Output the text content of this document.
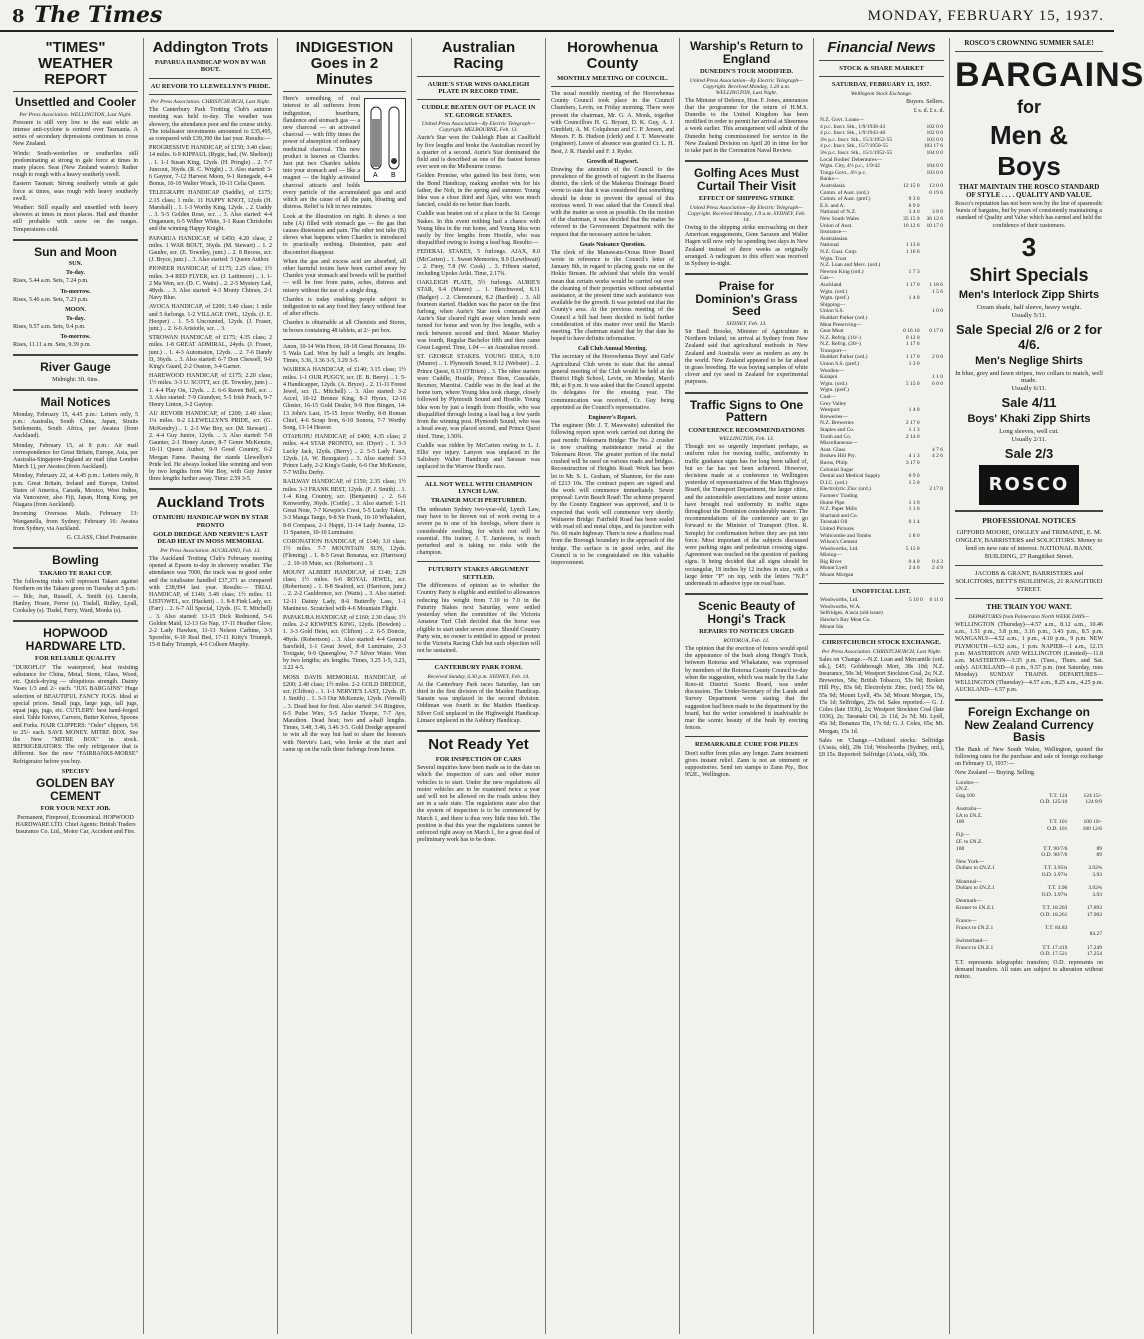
8 The Times	MONDAY, FEBRUARY 15, 1937.
"TIMES" WEATHER REPORT
Unsettled and Cooler
Per Press Association. WELLINGTON, Last Night.
Pressure is still very low to the east while an intense anti-cyclone is centred over Tasmania. A series of secondary depressions continues to cross New Zealand.
Winds: South-westerlies or southerlies still predominating at strong to gale force at times in many places. Seas (New Zealand waters): Rather rough to rough with a heavy southerly swell.
Eastern Tasman: Strong southerly winds at gale force at times, seas rough with heavy southerly swell.
Weather: Still equally and unsettled with heavy showers at times in most places. Hail and thunder still probable with snow on the ranges. Temperatures cold.
Sun and Moon
SUN.
To-day.
Rises, 5.44 a.m. Sets, 7.24 p.m.
To-morrow.
Rises, 5.46 a.m. Sets, 7.23 p.m.
MOON.
To-day.
Rises, 9.57 a.m. Sets, 9.4 p.m.
To-morrow.
Rises, 11.11 a.m. Sets, 9.39 p.m.
River Gauge
Midnight: 3ft. 6ins.
Mail Notices
Monday, February 15, 4.45 p.m.: Letters only, 5 p.m.: Australia, South China, Japan, Straits Settlements, South Africa, per Awatea (from Auckland).
Monday, February 15, at 8 p.m.: Air mail correspondence for Great Britain, Europe, Asia, per Australia-Singapore-England air mail (due London March 1), per Awatea (from Auckland).
Monday, February 22, at 4.45 p.m.: Letters only, 8 p.m. Great Britain, Ireland and Europe, United States of America, Canada, Mexico, West Indies, via Vancouver, also Fiji, Japan, Hong Kong, per Niagara (from Auckland).
Incoming Overseas Mails. February 13: Wanganella, from Sydney; February 16: Awatea from Sydney, via Auckland.
G. CLASS, Chief Postmaster.
Bowling
TAKARO TE RAKI CUP.
The following rinks will represent Takaro against Northern on the Takaro green on Tuesday at 5 p.m.: — Ihle, Just, Russell, A. Smith (s). Lincoln, Hanley, Hoare, Ferrer (s). Tisdall, Ridley, Lyall, Cooksley (s). Tisdel, Ferry, Ward, Monks (s).
HOPWOOD HARDWARE LTD.
FOR RELIABLE QUALITY
"DUROFLO" The waterproof, heat resisting substance for China, Metal, Stone, Glass, Wood, etc. Quick-drying — ubiquitous strength. Dainty Vases 1/3 and 2/- each. "JUG BARGAINS" Huge selection of BEAUTIFUL FANCY JUGS. Ideal at special prices. Small jugs, large jugs, tall jugs, squat jugs, jugs, etc. CUTLERY: best hand-forged steel. Table Knives, Carvers, Butter Knives, Spoons and Forks. HAIR CLIPPERS: "Osler" clippers, 5/6 to 25/- each. SAVE MONEY. MITRE BOX. See the New "MITRE BOX" in stock. REFRIGERATORS: The only refrigerator that is different. See the new "FAIRBANKS-MORSE" Refrigerator before you buy.
SPECIFY
GOLDEN BAY CEMENT
FOR YOUR NEXT JOB.
Permanent, Fireproof, Economical. HOPWOOD HARDWARE LTD. Chief Agents: British Traders Insurance Co. Ltd., Motor Car, Accident and Fire.
Addington Trots
PAPARUA HANDICAP WON BY WAR BOUT.
AU REVOIR TO LLEWELLYN'S PRIDE.
Per Press Association. CHRISTCHURCH, Last Night.
The Canterbury Park Trotting Club's autumn meeting was held to-day. The weather was showery, the attendance poor and the course sticky. The totalisator investments amounted to £35,495, as compared with £39,390 the last year. Results:—
PROGRESSIVE HANDICAP, of £150; 3.40 class; 14 miles. 6-9 KIPPAUL (Rygie, bad, (W. Shelton)) .. 1. 1-1 Susan King, 12yds. (H. Pringle) .. 2. 7-7 Juncout, 36yds. (R. C. Wright) .. 3. Also started: 3-6 Gaynor, 7-12 Harvest Moon, 9-1 Renegade, 4-4 Bonus, 10-10 Walter Wrack, 10-11 Celia Queen.
TELEGRAPH HANDICAP (Saddle), of £175; 2.15 class; 1 mile. 11 HAPPY KNOT, 12yds (H. Marshall) .. 1. 1-3 Worthy King, 12yds. .. 2. Uaddy .. 3. 5-5 Golden Rose, scr. .. 3. Also started: 4-4 Onganuen, 6-5 Wilber White, 3-1 Ruan Chrisholm and the winning Happy Knight.
PAPARUA HANDICAP, of £450; 4.20 class; 2 miles. 1 WAR BOUT, 36yds. (M. Stewart) .. 1. 2 Gaudre, scr. (E. Townley, junr.) .. 2. 8 Recess, scr. (J. Bryce, junr.) .. 3. Also started: 3 Queen Author.
PIONEER HANDICAP, of £175; 2.25 class; 1½ miles. 3-4 RED FLYER, scr. (J. Lattimore) .. 1. 1-2 Ma Wen, scr. (D. C. Watts) .. 2. 2-5 Mystery Lad, 48yds. .. 3. Also started: 4-3 Monty Chimes, 2-1 Navy Blue.
AVOCA HANDICAP, of £200; 3.40 class; 1 mile and 5 furlongs. 1-2 VILLAGE OWL, 12yds. (J. E. Hooper) .. 1. 5-5 Uncounted, 12yds. (J. Fraser, junr.) .. 2. 6-6 Aristotle, scr. .. 3.
STROWAN HANDICAP, of £175; 4.35 class; 2 miles. 1-8 GREAT ADMIRAL, 24yds. (J. Fraser, junr.) .. 1. 4-3 Automaton, 12yds. .. 2. 7-6 Dandy D, 36yds. .. 3. Also started: 6-7 Don Chessell, 9-0 King's Guard, 2-2 Ouston, 3-4 Garner.
HAREWOOD HANDICAP, of £175; 2.20 class; 1½ miles. 3-3 U. SCOTT, scr. (E. Townley, junr.) .. 1. 4-4 Play On, 12yds. .. 2. 6-6 Raven Bell, scr. .. 3. Also started: 7-9 Grandyer, 5-5 Irish Peach, 9-7 Henry Linton, 3-2 Gaytop.
AU REVOIR HANDICAP, of £200; 2.40 class; 1¼ miles. 8-2 LLEWELLYN'S PRIDE, scr. (G. McKendry) .. 1. 2-3 War Boy, scr. (M. Stewart) .. 2. 4-4 Guy Junior, 12yds. .. 3. Also started: 7-8 Gaunter, 2-1 Honey Azure, 8-7 Genre McKenzie, 10-11 Queen Author, 9-9 Good Country, 6-2 Morgan Fame. Passing the stands Llewellyn's Pride led. He always looked like winning and won by two lengths from War Boy, with Guy Junior three lengths further away. Time: 2.59 3-5.
Auckland Trots
OTAHUHU HANDICAP WON BY STAR PRONTO
GOLD DREDGE AND NERVIE'S LAST DEAD HEAT IN MOSS MEMORIAL
Per Press Association. AUCKLAND, Feb. 13.
The Auckland Trotting Club's February meeting opened at Epsom to-day in showery weather. The attendance was 7000, the track was in good order and the totalisator handled £37,371 as compared with £38,994 last year. Results:— TRIAL HANDICAP, of £140; 3.49 class; 1½ miles. 11 LISTOWEL, scr. (Hackett) .. 1. 8-8 Fink Lady, scr. (Farr) .. 2. 6-7 All Special, 12yds. (G. T. Mitchell) .. 3. Also started: 13-15 Dick Redmond, 5-6 Golden Maid, 12-13 Go Nap, 17-11 Heather Glow, 2-2 Lady Hawken, 11-13 Nelson Carbine, 3-3 Sporelite, 6-10 Real Bed, 17-11 Kitty's Triumph, 15-8 Baby Triumph, 4-5 Colleen Murphy.
INDIGESTION Goes in 2 Minutes
A B
Here's something of real interest to all sufferers from indigestion, heartburn, flatulence and stomach gas — a new charcoal — an activated charcoal — with fifty times the power of absorption of ordinary medicinal charcoal. This new product is known as Chardex. Just put two Chardex tablets into your stomach and — like a magnet — the highly activated charcoal attracts and holds every particle of the accumulated gas and acid which are the cause of all the pain, bloating and distress. Relief is felt in two minutes.
Look at the illustration on right. It shows a test tube (A) filled with stomach gas — the gas that causes distension and pain. The other test tube (B) shows what happens when Chardex is introduced to practically nothing. Distention, pain and discomfort disappear.
When the gas and excess acid are absorbed, all other harmful toxins have been carried away by Chardex your stomach and bowels will be purified — will be free from pains, aches, distress and misery without the use of a single drug.
Chardex is today enabling people subject to indigestion to eat any food they fancy without fear of after effects.
Chardex is obtainable at all Chemists and Stores, in boxes containing 48 tablets, at 2/- per box.
Anon, 10-14 Win Hoon, 18-18 Great Bonanza, 10-5 Wala Lad. Won by half a length; six lengths. Times, 3.36, 3.36 3-5, 3.29 3-5.
WAIREKA HANDICAP, of £140; 3.15 class; 1½ miles. 1-1 OUR PUGGY, scr. (E. B. Berry) .. 1. 5-4 Handicapper, 12yds. (A. Bryce) .. 2. 11-11 Forest Jewel, scr. (L. Mitchell) .. 3. Also started: 3-2 Accel, 10-12 Bronze King, 8-3 Hyrax, 12-16 Gloster, 16-15 Gold Dealer, 9-9 Hon Bingen, 14-13 John's Last, 15-15 Joyce Worthy, 8-8 Roman Chief, 4-6 Scrap Iron, 6-10 Sonora, 7-7 Worthy Song, 13-14 Heaver.
OTAHUHU HANDICAP, of £400; 4.35 class; 2 miles. 4-4 STAR PRONTO, scr. (Dyer) .. 1. 3-3 Lucky Jack, 12yds. (Berry) .. 2. 5-5 Lady Faun, 12yds. (A. W. Bourgaize) .. 3. Also started: 3-3 Prince Lady, 2-2 King's Guide, 6-6 Our McKenzie, 7-7 Willis Derby.
RAILWAY HANDICAP, of £150; 2.35 class; 1½ miles. 3-3 FRANK BEST, 12yds. (F. J. Smith) .. 1. 1-4 King Country, scr. (Benjamin) .. 2. 6-6 Kenworthy, 36yds. (Cottle) .. 3. Also started: 1-11 Great Note, 7-7 Kewpie's Crest, 5-5 Lucky Token, 3-3 Manga Tango, 9-8 Sir Frank, 10-10 Whakahiri, 8-8 Compass, 2-1 Happi, 11-14 Lady Joanna, 12-11 Spamen, 10-10 Luminaire.
CORONATION HANDICAP, of £140; 3.0 class; 1½ miles. 7-7 MOUNTAIN SUN, 12yds. (Fleming) .. 1. 8-5 Great Bonanza, scr. (Harrison) .. 2. 10-10 Mute, scr. (Robertson) .. 3.
MOUNT ALBERT HANDICAP, of £140; 2.29 class; 1½ miles. 6-6 ROYAL JEWEL, scr. (Robertson) .. 1. 8-8 Seaford, scr. (Harrison, junr.) .. 2. 2-2 Cauldronce, scr. (Watts) .. 3. Also started: 12-11 Dainty Lady, 8-6 Butterfly Lass, 1-1 Maninexo. Scratched with 4-6 Mountain Flight.
PAPAKURA HANDICAP, of £160; 2.30 class; 1½ miles. 2-2 KEWPIE'S KING, 12yds. (Bowden) .. 1. 3-3 Gold Heist, scr. (Clifton) .. 2. 6-5 Doncie, 48yds. (Robertson) .. 3. Also started: 4-4 General Sarsfield, 1-1 Great Jewel, 8-8 Luminaire, 2-3 Toxigate, 9-9 Queenglow, 7-7 Silver Water. Won by two lengths; six lengths. Times, 3.25 1-5, 3.23, 3.22 4-5.
MOSS DAVIS MEMORIAL HANDICAP, of £200; 2.48 class; 1½ miles. 2-2 GOLD DREDGE, scr. (Clifton) .. 1. 1-1 NERVIE'S LAST, 12yds. (F. J. Smith) .. 1. 3-3 Our McKenzie, 12yds. (Vernell) .. 3. Dead heat for first. Also started: 3-6 Ringtree, 6-5 Pulse Wire, 5-5 Jackie Thorpe, 7-7 Ayo, Marathon. Dead heat; two and a-half lengths. Times, 3.48, 3.46, 3.46 3-5. Gold Dredge appeared to win all the way but had to share the honours with Nervie's Last, who broke at the start and came up on the rails three furlongs from home.
Australian Racing
AURIE'S STAR WINS OAKLEIGH PLATE IN RECORD TIME.
CUDDLE BEATEN OUT OF PLACE IN ST. GEORGE STAKES.
United Press Association—By Electric Telegraph—Copyright. MELBOURNE, Feb. 13.
Aurie's Star won the Oakleigh Plate at Caulfield by five lengths and broke the Australian record by a quarter of a second. Aurie's Star dominated the field and is described as one of the fastest horses ever seen on the Melbourne course.
Golden Promise, who gained his best form, won the Bond Handicap, making another win for his father, the Noh, in the spring and summer. Young Idea was a close third and Ajax, who was much fancied, could do no better than fourth.
Cuddle was beaten out of a place in the St. George Stakes. In this event nothing had a chance with Young Idea in the run home, and Young Idea won easily by five lengths from Hostile, who was disqualified owing to losing a lead bag. Results:—
FEDERAL STAKES, 5 furlongs. AJAX, 8.0 (McCarten) .. 1. Sweet Memories, 8.9 (Lewthwait) .. 2. Fiery, 7.8 (W. Cook) .. 3. Fifteen started, including Upoko Ariki. Time, 2.17¾.
OAKLEIGH PLATE, 5½ furlongs. AURIE'S STAR, 9.4 (Munro) .. 1. Beechwood, 8.11 (Badger) .. 2. Cleremount, 8.2 (Bartlett) .. 3. All fourteen started. Hadden was the pacer on the first furlong, when Aurie's Star took command and Aurie's Star cleared right away when bends were turned for home and won by five lengths, with a neck between second and third. Master Marley was fourth, Regular Bachelor fifth and then came Great Legend. Time, 1.04 — an Australian record.
ST. GEORGE STAKES. YOUNG IDEA, 9.10 (Munro) .. 1. Plymouth Sound, 9.12 (Webster) .. 2. Prince Quest, 8.13 (O'Brien) .. 3. The other starters were Cuddle, Hostile, Prince Bion, Cascadale, Rexmor, Marotist. Cuddle was in the lead at the home turn, where Young Idea took charge, closely followed by Plymouth Sound and Hostile. Young Idea won by just a length from Hostile, who was disqualified through losing a lead bag a few yards from the winning post. Plymouth Sound, who was a head away, was placed second, and Prince Quest third. Time, 1.50¾.
Cuddle was ridden by McCarten owing to L. J. Ellis' eye injury. Lanyon was unplaced in the Salisbury Walter Handicap and Sarasan was unplaced in the Warrow Hurdle race.
ALL NOT WELL WITH CHAMPION LYNCH LAW.
TRAINER MUCH PERTURBED.
The unbeaten Sydney two-year-old, Lynch Law, may have to be thrown out of work owing to a severe pa to one of his forelegs, where there is considerable swelling, for which rest will be essential. His trainer, J. T. Jamieson, is much perturbed and is taking no risks with the champion.
FUTURITY STAKES ARGUMENT SETTLED.
The differences of opinion as to whether the Country Party is eligible and entitled to allowances reducing his weight from 7.10 to 7.0 in the Futurity Stakes next Saturday, were settled yesterday when the committee of the Victoria Amateur Turf Club decided that the horse was eligible to start under seven stone. Should Country Party win, no owner is entitled to appeal or protest to the Victoria Racing Club but such objection will not be sustained.
CANTERBURY PARK FORM.
Received Sunday, 6.30 p.m. SYDNEY, Feb. 14.
At the Canterbury Park races Saturday, Jan ran third in the first division of the Maiden Handicap. Sarasin was unplaced in the second division. Oddiman was fourth in the Maiden Handicap. Silver Coil unplaced in the Highweight Handicap. Limace unplaced in the Ashbury Handicap.
Not Ready Yet
FOR INSPECTION OF CARS
Several inquiries have been made as to the date on which the inspection of cars and other motor vehicles is to start. Under the new regulations all motor vehicles are to be examined twice a year and will not be allowed on the roads unless they are in a safe state. The regulations state also that the system of inspection is to be commenced by March 1, and there is thus very little time left. The position is that this year the regulations cannot be enforced right away on March 1, for a great deal of preliminary work has to be done.
Horowhenua County
MONTHLY MEETING OF COUNCIL.
The usual monthly meeting of the Horowhenua County Council took place in the Council Chambers, Levin, on Friday morning. There were present the chairman, Mr. G. A. Monk, together with Councillors H. G. Bryant, D. K. Guy, A. J. Gimblett, A. M. Colquhoun and C. P. Jensen, and Messrs. F. B. Hudson (clerk) and J. T. Mawwaite (engineer). Leave of absence was granted Cr. L. H. Best, J. R. Handel and F. J. Ryder.
Growth of Ragwort.
Drawing the attention of the Council to the prevalence of the growth of ragwort in the Ihaeroa district, the clerk of the Makerua Drainage Board wrote to state that it was considered that something should be done to prevent the spread of this noxious weed. It was asked that the Council deal with the matter as soon as possible. On the motion of the chairman, it was decided that the matter be referred to the Government Department with the request that the necessary action be taken.
Goats Nuisance Question.
The clerk of the Manawatu-Oroua River Board wrote in reference to the Council's letter of January 8th, in regard to placing goats rue on the Hokio Stream. He advised that while this would mean that certain works would be carried out over the cleaning of their properties without substantial assistance, at the present time such assistance was available for the growth. It was pointed out that the County's area. At the previous meeting of the Council a bill had been decided to hold further consideration of this matter over until the March meeting. The chairman stated that by that date he hoped to have definite information.
Call Club Annual Meeting.
The secretary of the Horowhenua Boys' and Girls' Agricultural Club wrote to state that the annual general meeting of the Club would be held at the District High School, Levin, on Monday, March 8th, at 8 p.m. It was asked that the Council appoint its delegates for the ensuing year. The communication was received, Cr. Guy being appointed as the Council's representative.
Engineer's Report.
The engineer (Mr. J. T. Mawwaite) submitted the following report upon work carried out during the past month: Tokomaru Bridge: The No. 2 crusher is now crushing maintenance metal at the Tokomaru River. The greater portion of the metal crushed will be used on various roads and bridges. Reconstruction of Heights Road: Work has been let to Mr. S. L. Graham, of Shannon, for the sum of £213 10s. The contract papers are signed and the work will commence immediately. Sewer proposal: Levin Beach Road: The scheme prepared by the County Engineer was approved, and it is expected that work will commence very shortly. Waitarere Bridge: Fairfield Road has been sealed with road oil and metal chips, and its junction with No. 60 main highway. There is now a dustless road from the Borough boundary to the approach of the bridge. The surface is in good order, and the Council is to be congratulated on this valuable improvement.
Warship's Return to England
DUNEDIN'S TOUR MODIFIED.
United Press Association—By Electric Telegraph—Copyright. Received Monday, 1.20 a.m. WELLINGTON, Last Night.
The Minister of Defence, Hon. F. Jones, announces that the programme for the return of H.M.S. Dunedin to the United Kingdom has been modified in order to permit her arrival at Sheerness a week earlier. This arrangement will admit of the Dunedin being commissioned for service in the New Zealand Division on April 20 in time for her to take part in the Coronation Naval Review.
Golfing Aces Must Curtail Their Visit
EFFECT OF SHIPPING STRIKE
United Press Association—By Electric Telegraph—Copyright. Received Monday, 1.9 a.m. SYDNEY, Feb. 14.
Owing to the shipping strike encroaching on their American engagements, Gene Sarazen and Walter Hagen will now only be spending two days in New Zealand instead of three weeks as originally arranged. A radiogram to this effect was received in Sydney to-night.
Praise for Dominion's Grass Seed
SYDNEY, Feb. 13.
Sir Basil Brooke, Minister of Agriculture in Northern Ireland, on arrival at Sydney from New Zealand said that agricultural methods in New Zealand and Australia were as modern as any in the world. New Zealand appeared to be far ahead in grass breeding. He was buying samples of white clover and rye seed in Zealand for experimental purposes.
Traffic Signs to One Pattern
CONFERENCE RECOMMENDATIONS
WELLINGTON, Feb. 13.
Though not so urgently important perhaps, as uniform rules for moving traffic, uniformity in traffic guidance signs has for long been talked of, but so far has not been achieved. However, decisions made at a conference in Wellington yesterday of representatives of the Main Highways Board, the Transport Department, the larger cities, and the automobile associations and motor unions have brought real uniformity in traffic signs throughout the Dominion considerably nearer. The recommendations of the conference are to go forward to the Minister of Transport (Hon. R. Semple) for confirmation before they are put into force. Most important of the subjects discussed were parking signs and pedestrian crossing signs. Agreement was reached on the question of parking signs. It being decided that all signs should be rectangular, 18 inches by 12 inches in size, with a large letter "P" on top, with the letters "N.P." underneath in adhesive type on road base.
Scenic Beauty of Hongi's Track
REPAIRS TO NOTICES URGED
ROTORUA, Feb. 12.
The opinion that the erection of fences would spoil the appearance of the bush along Hongi's Track, between Rotorua and Whakatane, was expressed by members of the Rotorua County Council to-day when the suggestion, which was made by the Lake Roto-iti District Scenic Board, was under discussion. The Under-Secretary of the Lands and Survey Department wrote stating that the suggestion had been made to the department by the board, but the writer considered it inadvisable to mar the scenic beauty of the bush by erecting fences.
REMARKABLE CURE FOR PILES
Don't suffer from piles any longer. Zann treatment gives instant relief. Zann is not an ointment or suppositories. Send ten stamps to Zann Pty., Box 952E., Wellington.
Financial News
STOCK & SHARE MARKET
SATURDAY, FEBRUARY 13, 1937.
Wellington Stock Exchange.
Buyers. Sellers.
£ s. d. £ s. d.
N.Z. Govt. Loans—		
4 p.c. Inscr. Stk., 1/9/1938-43		102 0 0
4 p.c. Inscr. Stk., 1/9/1943-46		102 0 0
3¾ p.c. Inscr. Stk., 15/3/1952-55		103 0 0
4 p.c. Inscr. Stk., 15/7/1950-55		103 17 6
3¾ p.c. Inscr. Stk., 15/1/1952-55		104 0 0
Local Bodies' Debentures—		
Wgtn. City, 4½ p.c., 1/9/42		104 0 0
Tonga Govt., 4½ p.c.		103 0 0
Banks—		
Australasia	12 15 0	13 0 0
Comm. of Aust. (ord.)		0 19 6
Comm. of Aust. (pref.)	9 3 0	
E.S. and A.	6 9 0	
National of N.Z.	3 4 0	3 8 0
New South Wales	35 15 0	36 12 6
Union of Aust.	10 12 6	10 17 0
Insurance—		
Australasian		
National	1 13 6	
N.Z. Guar. Corp.	1 16 0	
Wgtn. Trust		
N.Z. Loan and Merc. (ord.)		
Newton King (ord.)	1 7 3	
Gas—		
Auckland	1 17 0	1 18 6
Wgtn. (ord.)		1 5 6
Wgtn. (pref.)	1 4 0	
Shipping—		
Union S.S.		1 0 0
Huddart Parker (ord.)		
Meat Preserving—		
Gear Meat	0 16 10	0 17 0
N.Z. Refrig. (10/-)	0 12 0	
N.Z. Refrig. (20/-)	1 17 6	
Transport—		
Huddart Parker (ord.)	1 17 0	2 0 0
Union S.S. (pref.)	1 3 0	
Woollen—		
Kaiapoi		1 1 0
Wgtn. (ord.)	5 15 0	6 0 0
Wgtn. (pref.)		
Coal—		
Grey Valley		
Westport	1 4 0	
Breweries—		
N.Z. Breweries	2 17 0	
Staples and Co.	1 1 3	
Tooth and Co.	2 14 0	
Miscellaneous—		
Aust. Glass		4 7 6
Broken Hill Pty.	4 1 3	4 2 6
Burns, Philp	3 17 0	
Colonial Sugar		
Dental and Medical Supply	0 9 0	
D.I.C. (ord.)	1 5 0	
Electrolytic Zinc (ord.)		2 17 0
Farmers' Trading		
Hume Pipe	1 1 0	
N.Z. Paper Mills	1 1 6	
Sharland and Co.		
Taranaki Oil	0 1 4	
United Pictures		
Whitcombe and Tombs	1 8 0	
Wilson's Cement		
Woolworths, Ltd.	5 15 0	
Mining—		
Big River	0 4 0	0 4 3
Mount Lyell	2 4 0	2 4 9
Mount Morgan		
UNOFFICIAL LIST.
Woolworths, Ltd.	5 10 0	6 11 0
Woolworths, W.A.		
Selfridges, A'asia (old issue)		
Hawke's Bay Meat Co.		
Mount Ida		
CHRISTCHURCH STOCK EXCHANGE.
Per Press Association. CHRISTCHURCH, Last Night.
Sales on 'Change.—N.Z. Loan and Mercantile (ord. stk.), £45; Goldsbrough Mort, 38s 10d; N.Z. Insurance, 50s 3d; Westport Stockton Coal, 2s; N.Z. Breweries, 58s; British Tobacco, 53s 9d; Broken Hill Pty., 83s 6d; Electrolytic Zinc, (ord.) 55s 6d, 55s 9d; Mount Lyell, 45s 3d; Mount Morgan, 15s, 15s 1d; Selfridges, 25s 6d. Sales reported.— G. J. Coles (late 1936), 2s; Westport Stockton Coal (late 1936), 2s; Taranaki Oil, 2s 11d, 2s 7d; Mt. Lyell, 45s 3d; Bonanza Tin, 17s 6d; G. J. Coles, 65s; Mt. Morgan, 15s 1d.
Sales on 'Change.—Unlisted stocks: Selfridge (A'asia, old), 29s 11d; Woolworths (Sydney, ord.), £8 15s. Reported: Selfridge (A'asia, old), 30s.
ROSCO'S CROWNING SUMMER SALE!
BARGAINS
for
Men & Boys
THAT MAINTAIN THE ROSCO STANDARD OF STYLE . . . . QUALITY AND VALUE.
Rosco's reputation has not been won by the line of spasmodic bursts of bargains, but by years of consistently maintaining a standard of Quality and Value which has earned and held the confidence of their customers.
3
Shirt Specials
Men's Interlock Zipp Shirts
Cream shade, half sleeve, heavy weight.
Usually 5/11.
Sale Special 2/6 or 2 for 4/6.
Men's Neglige Shirts
In blue, grey and fawn stripes, two collars to match, well made.
Usually 6/11.
Sale 4/11
Boys' Khaki Zipp Shirts
Long sleeves, well cut.
Usually 2/11.
Sale 2/3
ROSCO
PROFESSIONAL NOTICES
GIFFORD MOORE, ONGLEY and TRIMAINE, E. M. ONGLEY, BARRISTERS and SOLICITORS. Money to lend on new rate of interest. NATIONAL BANK BUILDING, 27 Rangitikei Street.
JACOBS & GRANT, BARRISTERS and SOLICITORS, BETT'S BUILDINGS, 21 RANGITIKEI STREET.
THE TRAIN YOU WANT.
DEPARTURES from Palmerston North WEEK DAYS—
WELLINGTON (Thursday)—4.57 a.m., 8.12 a.m., 10.46 a.m., 1.51 p.m., 3.8 p.m., 3.16 p.m., 3.43 p.m., 8.5 p.m. WANGANUI—4.52 a.m., 1 p.m., 4.10 p.m., 9 p.m. NEW PLYMOUTH—6.52 a.m., 1 p.m. NAPIER—1 a.m., 12.15 p.m. MASTERTON AND WELLINGTON (Limited)—11.8 a.m. MASTERTON—3.35 p.m. (Tues., Thurs. and Sat. only). AUCKLAND—6 p.m., 9.57 p.m. (not Saturday, runs Monday). SUNDAY TRAINS. DEPARTURES—WELLINGTON (Thursday)—4.57 a.m., 8.25 a.m., 4.25 p.m. AUCKLAND—6.57 p.m.
Foreign Exchange on New Zealand Currency Basis
The Bank of New South Wales, Wellington, quoted the following rates for the purchase and sale of foreign exchange on February 13, 1937:—
New Zealand — Buying. Selling.
London—		
£N.Z.		
£stg.100	T.T. 124	124 15/-
	O.D. 125/10	124 8/9
Australia—		
£A to £N.Z.		
100	T.T. 101	100 10/-
	O.D. 101	100 12/6
Fiji—		
£F. to £N.Z.		
100	T.T. 90/7/6	89
	O.D. 90/7/6	89
New York—		
Dollars to £N.Z.1	T.T. 3.95¾	3.92¾
	O.D. 3.97¾	3.93
Montreal—		
Dollars to £N.Z.1	T.T. 3.96	3.92¾
	O.D. 3.97¾	3.93
Denmark—		
Kroner to £N.Z.1	T.T. 18.203	17.893
	O.D. 18.261	17.903
France—		
Francs to £N.Z.1	T.T. 84.83	
		84.27
Switzerland—		
Francs to £N.Z.1	T.T. 17.419	17.249
	O.D. 17.521	17.254
T.T. represents telegraphic transfers; O.D. represents on demand transfers. All rates are subject to alteration without notice.
